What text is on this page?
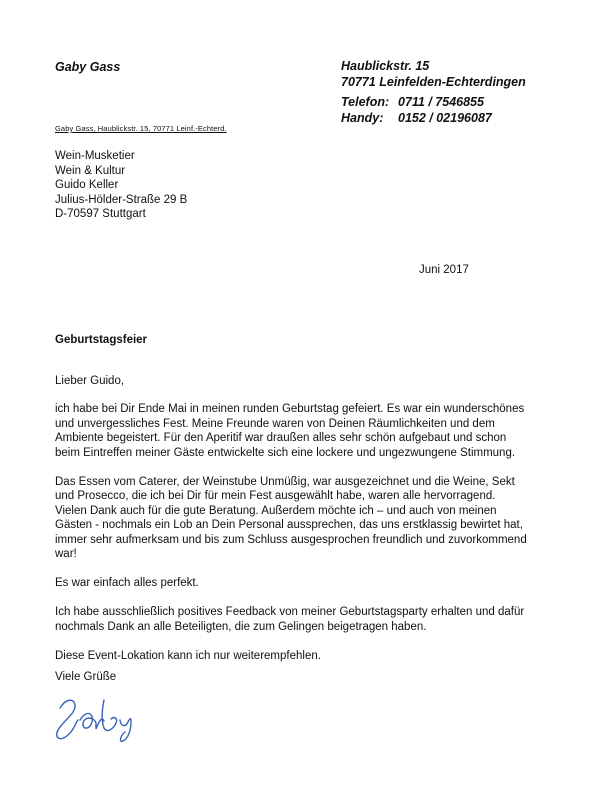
Gaby Gass	Haublickstr. 15
70771 Leinfelden-Echterdingen
Telefon: 0711 / 7546855
Handy:	0152 / 02196087
Gaby Gass, Haublickstr. 15, 70771 Leinf.-Echterd.
Wein-Musketier
Wein & Kultur
Guido Keller
Julius-Hölder-Straße 29 B
D-70597 Stuttgart
Juni 2017
Geburtstagsfeier

Lieber Guido,

ich habe bei Dir Ende Mai in meinen runden Geburtstag gefeiert. Es war ein wunderschönes
und unvergessliches Fest. Meine Freunde waren von Deinen Räumlichkeiten und dem
Ambiente begeistert. Für den Aperitif war draußen alles sehr schön aufgebaut und schon
beim Eintreffen meiner Gäste entwickelte sich eine lockere und ungezwungene Stimmung.

Das Essen vom Caterer, der Weinstube Unmüßig, war ausgezeichnet und die Weine, Sekt
und Prosecco, die ich bei Dir für mein Fest ausgewählt habe, waren alle hervorragend.
Vielen Dank auch für die gute Beratung. Außerdem möchte ich – und auch von meinen
Gästen - nochmals ein Lob an Dein Personal aussprechen, das uns erstklassig bewirtet hat,
immer sehr aufmerksam und bis zum Schluss ausgesprochen freundlich und zuvorkommend
war!

Es war einfach alles perfekt.

Ich habe ausschließlich positives Feedback von meiner Geburtstagsparty erhalten und dafür
nochmals Dank an alle Beteiligten, die zum Gelingen beigetragen haben.

Diese Event-Lokation kann ich nur weiterempfehlen.

Viele Grüße
